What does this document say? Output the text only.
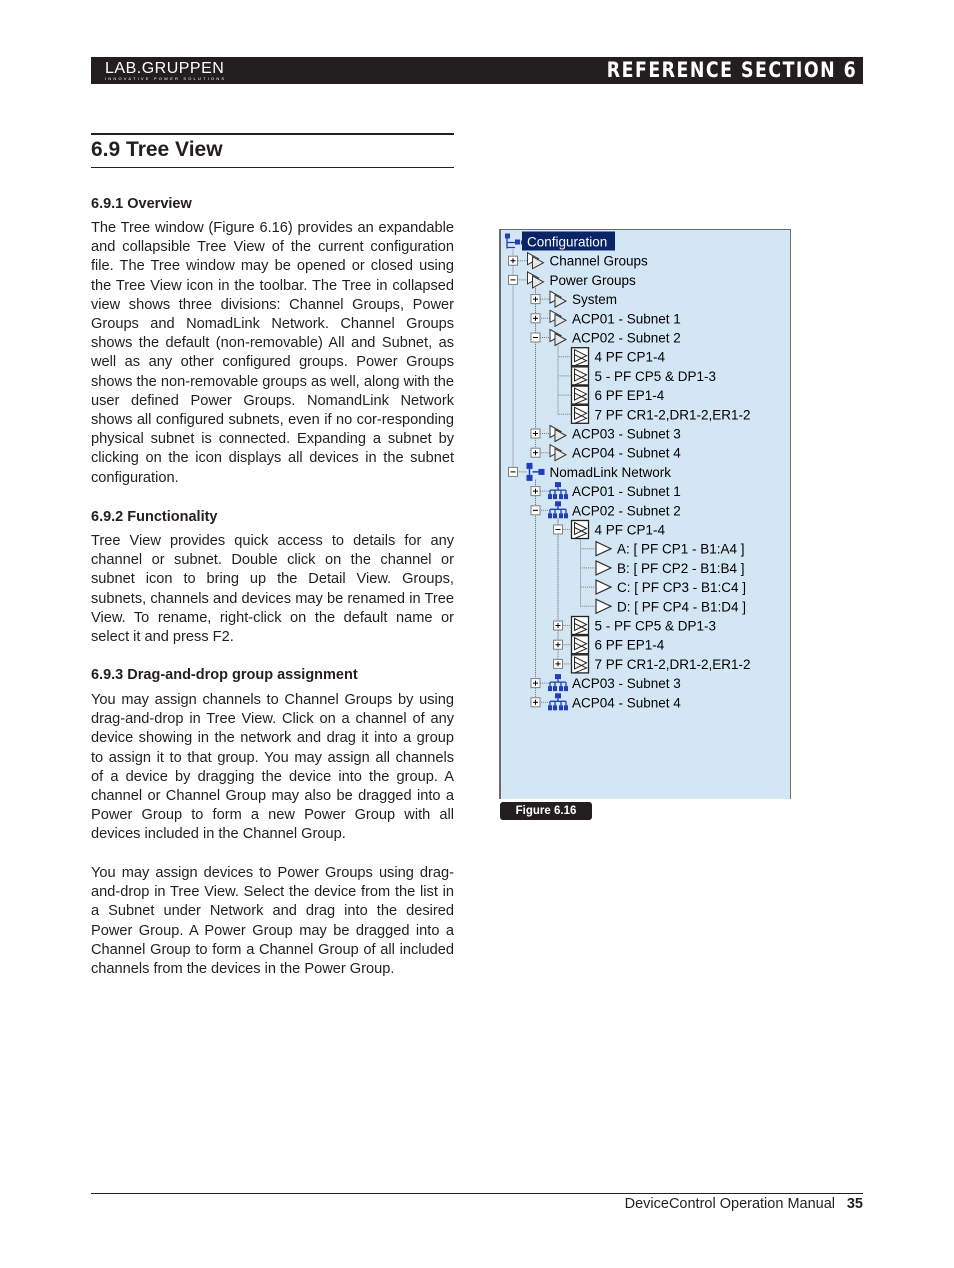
LAB.GRUPPEN
INNOVATIVE POWER SOLUTIONS	REFERENCE SECTION 6
6.9 Tree View
6.9.1 Overview

The Tree window (Figure 6.16) provides an expandable and collapsible Tree View of the current configuration file. The Tree window may be opened or closed using the Tree View icon in the toolbar. The Tree in collapsed view shows three divisions: Channel Groups, Power Groups and NomadLink Network. Channel Groups shows the default (non-removable) All and Subnet, as well as any other configured groups. Power Groups shows the non-removable groups as well, along with the user defined Power Groups. NomandLink Network shows all configured subnets, even if no cor-responding physical subnet is connected. Expanding a subnet by clicking on the icon displays all devices in the subnet configuration.

6.9.2 Functionality

Tree View provides quick access to details for any channel or subnet. Double click on the channel or subnet icon to bring up the Detail View. Groups, subnets, channels and devices may be renamed in Tree View. To rename, right-click on the default name or select it and press F2.

6.9.3 Drag-and-drop group assignment

You may assign channels to Channel Groups by using drag-and-drop in Tree View. Click on a channel of any device showing in the network and drag it into a group to assign it to that group. You may assign all channels of a device by dragging the device into the group. A channel or Channel Group may also be dragged into a Power Group to form a new Power Group with all devices included in the Channel Group.

You may assign devices to Power Groups using drag-and-drop in Tree View. Select the device from the list in a Subnet under Network and drag into the desired Power Group. A Power Group may be dragged into a Channel Group to form a Channel Group of all included channels from the devices in the Power Group.

Configuration
Channel Groups
Power Groups
System
ACP01 - Subnet 1
ACP02 - Subnet 2
4 PF CP1-4
5 - PF CP5 & DP1-3
6 PF EP1-4
7 PF CR1-2,DR1-2,ER1-2
ACP03 - Subnet 3
ACP04 - Subnet 4
NomadLink Network
ACP01 - Subnet 1
ACP02 - Subnet 2
4 PF CP1-4
A: [ PF CP1 - B1:A4 ]
B: [ PF CP2 - B1:B4 ]
C: [ PF CP3 - B1:C4 ]
D: [ PF CP4 - B1:D4 ]
5 - PF CP5 & DP1-3
6 PF EP1-4
7 PF CR1-2,DR1-2,ER1-2
ACP03 - Subnet 3
ACP04 - Subnet 4
Figure 6.16
DeviceControl Operation Manual 35
